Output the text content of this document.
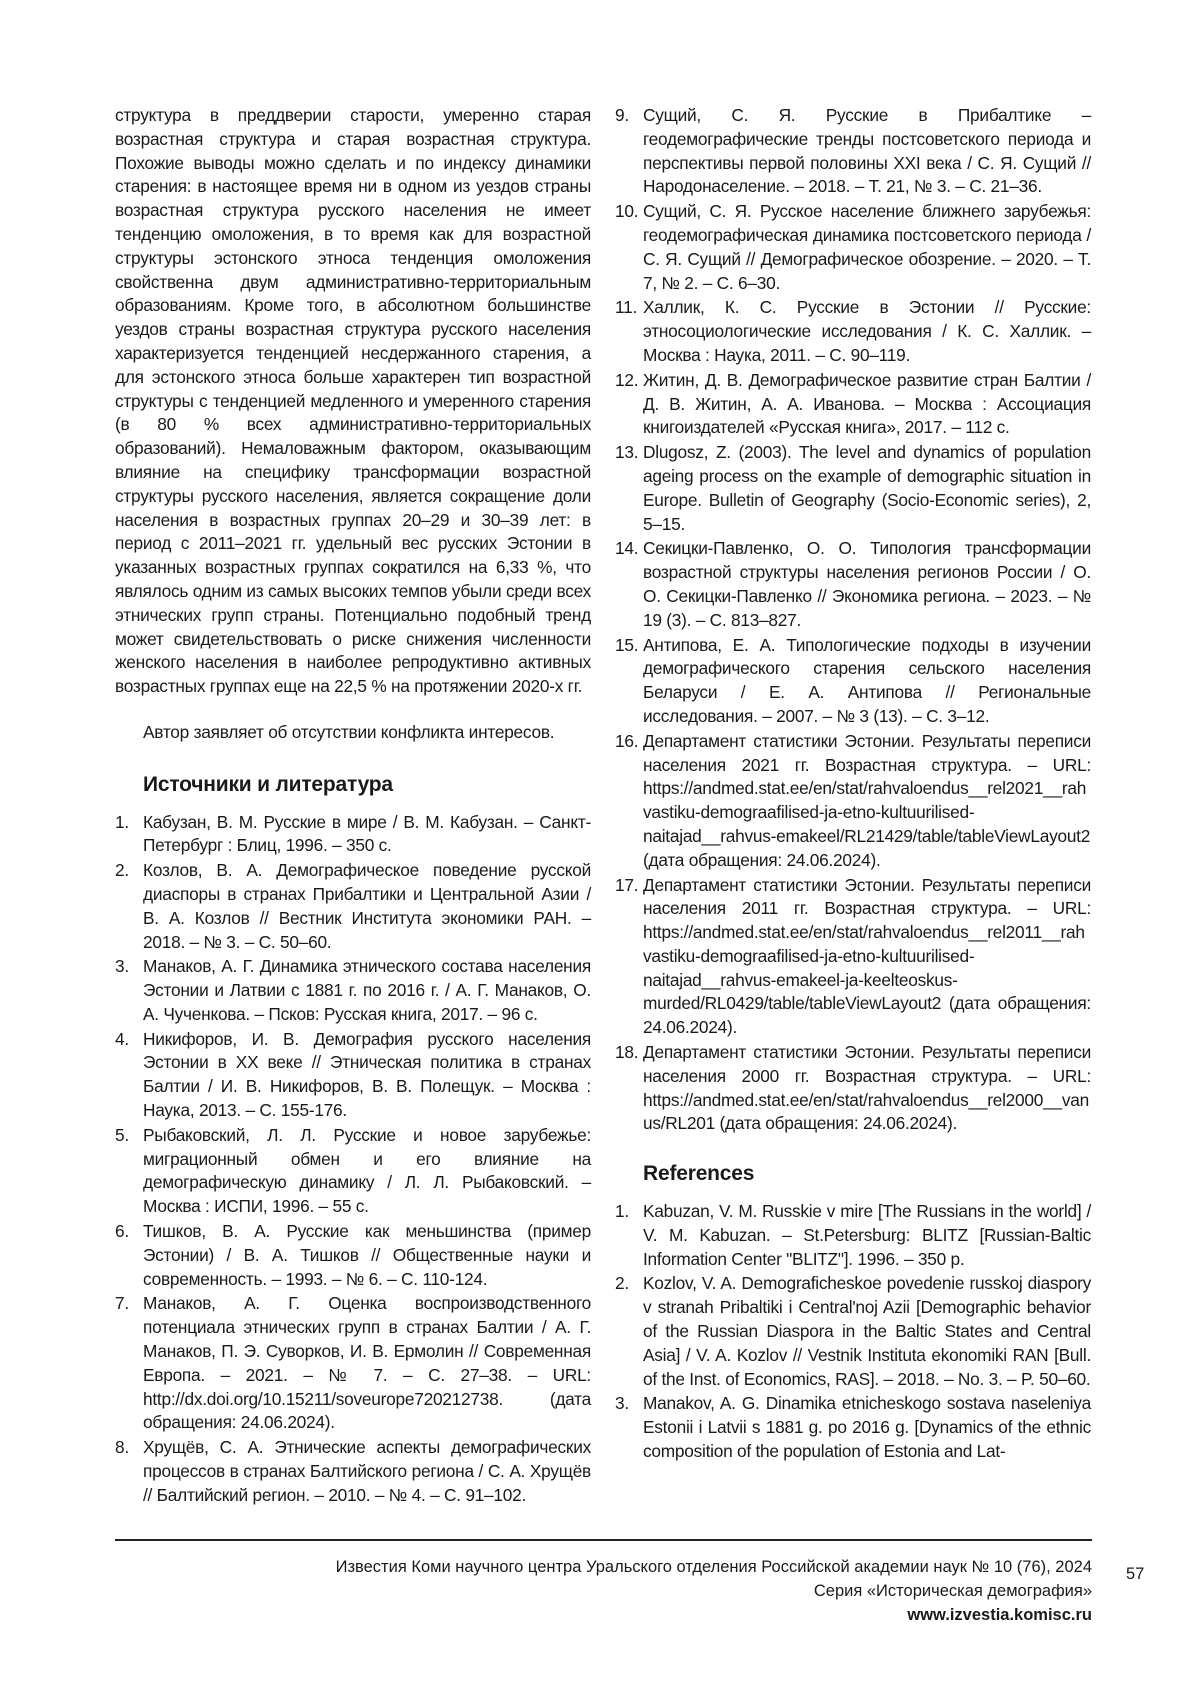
структура в преддверии старости, умеренно старая возрастная структура и старая возрастная структура. Похожие выводы можно сделать и по индексу динамики старения: в настоящее время ни в одном из уездов страны возрастная структура русского населения не имеет тенденцию омоложения, в то время как для возрастной структуры эстонского этноса тенденция омоложения свойственна двум административно-территориальным образованиям. Кроме того, в абсолютном большинстве уездов страны возрастная структура русского населения характеризуется тенденцией несдержанного старения, а для эстонского этноса больше характерен тип возрастной структуры с тенденцией медленного и умеренного старения (в 80 % всех административно-территориальных образований). Немаловажным фактором, оказывающим влияние на специфику трансформации возрастной структуры русского населения, является сокращение доли населения в возрастных группах 20–29 и 30–39 лет: в период с 2011–2021 гг. удельный вес русских Эстонии в указанных возрастных группах сократился на 6,33 %, что являлось одним из самых высоких темпов убыли среди всех этнических групп страны. Потенциально подобный тренд может свидетельствовать о риске снижения численности женского населения в наиболее репродуктивно активных возрастных группах еще на 22,5 % на протяжении 2020-х гг.

Автор заявляет об отсутствии конфликта интересов.

Источники и литература
1. Кабузан, В. М. Русские в мире / В. М. Кабузан. – Санкт-Петербург : Блиц, 1996. – 350 с.
2. Козлов, В. А. Демографическое поведение русской диаспоры в странах Прибалтики и Центральной Азии / В. А. Козлов // Вестник Института экономики РАН. – 2018. – № 3. – С. 50–60.
3. Манаков, А. Г. Динамика этнического состава населения Эстонии и Латвии с 1881 г. по 2016 г. / А. Г. Манаков, О. А. Чученкова. – Псков: Русская книга, 2017. – 96 с.
4. Никифоров, И. В. Демография русского населения Эстонии в XX веке // Этническая политика в странах Балтии / И. В. Никифоров, В. В. Полещук. – Москва : Наука, 2013. – С. 155-176.
5. Рыбаковский, Л. Л. Русские и новое зарубежье: миграционный обмен и его влияние на демографическую динамику / Л. Л. Рыбаковский. – Москва : ИСПИ, 1996. – 55 с.
6. Тишков, В. А. Русские как меньшинства (пример Эстонии) / В. А. Тишков // Общественные науки и современность. – 1993. – № 6. – С. 110-124.
7. Манаков, А. Г. Оценка воспроизводственного потенциала этнических групп в странах Балтии / А. Г. Манаков, П. Э. Суворков, И. В. Ермолин // Современная Европа. – 2021. – № 7. – С. 27–38. – URL: http://dx.doi.org/10.15211/soveurope720212738. (дата обращения: 24.06.2024).
8. Хрущёв, С. А. Этнические аспекты демографических процессов в странах Балтийского региона / С. А. Хрущёв // Балтийский регион. – 2010. – № 4. – С. 91–102.
9. Сущий, С. Я. Русские в Прибалтике – геодемографические тренды постсоветского периода и перспективы первой половины XXI века / С. Я. Сущий // Народонаселение. – 2018. – Т. 21, № 3. – С. 21–36.
10. Сущий, С. Я. Русское население ближнего зарубежья: геодемографическая динамика постсоветского периода / С. Я. Сущий // Демографическое обозрение. – 2020. – Т. 7, № 2. – С. 6–30.
11. Халлик, К. С. Русские в Эстонии // Русские: этносоциологические исследования / К. С. Халлик. – Москва : Наука, 2011. – С. 90–119.
12. Житин, Д. В. Демографическое развитие стран Балтии / Д. В. Житин, А. А. Иванова. – Москва : Ассоциация книгоиздателей «Русская книга», 2017. – 112 с.
13. Dlugosz, Z. (2003). The level and dynamics of population ageing process on the example of demographic situation in Europe. Bulletin of Geography (Socio-Economic series), 2, 5–15.
14. Секицки-Павленко, О. О. Типология трансформации возрастной структуры населения регионов России / О. О. Секицки-Павленко // Экономика региона. – 2023. – № 19 (3). – С. 813–827.
15. Антипова, Е. А. Типологические подходы в изучении демографического старения сельского населения Беларуси / Е. А. Антипова // Региональные исследования. – 2007. – № 3 (13). – С. 3–12.
16. Департамент статистики Эстонии. Результаты переписи населения 2021 гг. Возрастная структура. – URL: https://andmed.stat.ee/en/stat/rahvaloendus__rel2021__rahvastiku-demograafilised-ja-etno-kultuurilised-naitajad__rahvus-emakeel/RL21429/table/tableViewLayout2 (дата обращения: 24.06.2024).
17. Департамент статистики Эстонии. Результаты переписи населения 2011 гг. Возрастная структура. – URL: https://andmed.stat.ee/en/stat/rahvaloendus__rel2011__rahvastiku-demograafilised-ja-etno-kultuurilised-naitajad__rahvus-emakeel-ja-keelteoskus-murded/RL0429/table/tableViewLayout2 (дата обращения: 24.06.2024).
18. Департамент статистики Эстонии. Результаты переписи населения 2000 гг. Возрастная структура. – URL: https://andmed.stat.ee/en/stat/rahvaloendus__rel2000__vanus/RL201 (дата обращения: 24.06.2024).
References
1. Kabuzan, V. M. Russkie v mire [The Russians in the world] / V. M. Kabuzan. – St.Petersburg: BLITZ [Russian-Baltic Information Center "BLITZ"]. 1996. – 350 p.
2. Kozlov, V. A. Demograficheskoe povedenie russkoj diaspory v stranah Pribaltiki i Central'noj Azii [Demographic behavior of the Russian Diaspora in the Baltic States and Central Asia] / V. A. Kozlov // Vestnik Instituta ekonomiki RAN [Bull. of the Inst. of Economics, RAS]. – 2018. – No. 3. – P. 50–60.
3. Manakov, A. G. Dinamika etnicheskogo sostava naseleniya Estonii i Latvii s 1881 g. po 2016 g. [Dynamics of the ethnic composition of the population of Estonia and Lat-
Известия Коми научного центра Уральского отделения Российской академии наук № 10 (76), 2024
Серия «Историческая демография»
www.izvestia.komisc.ru
57
